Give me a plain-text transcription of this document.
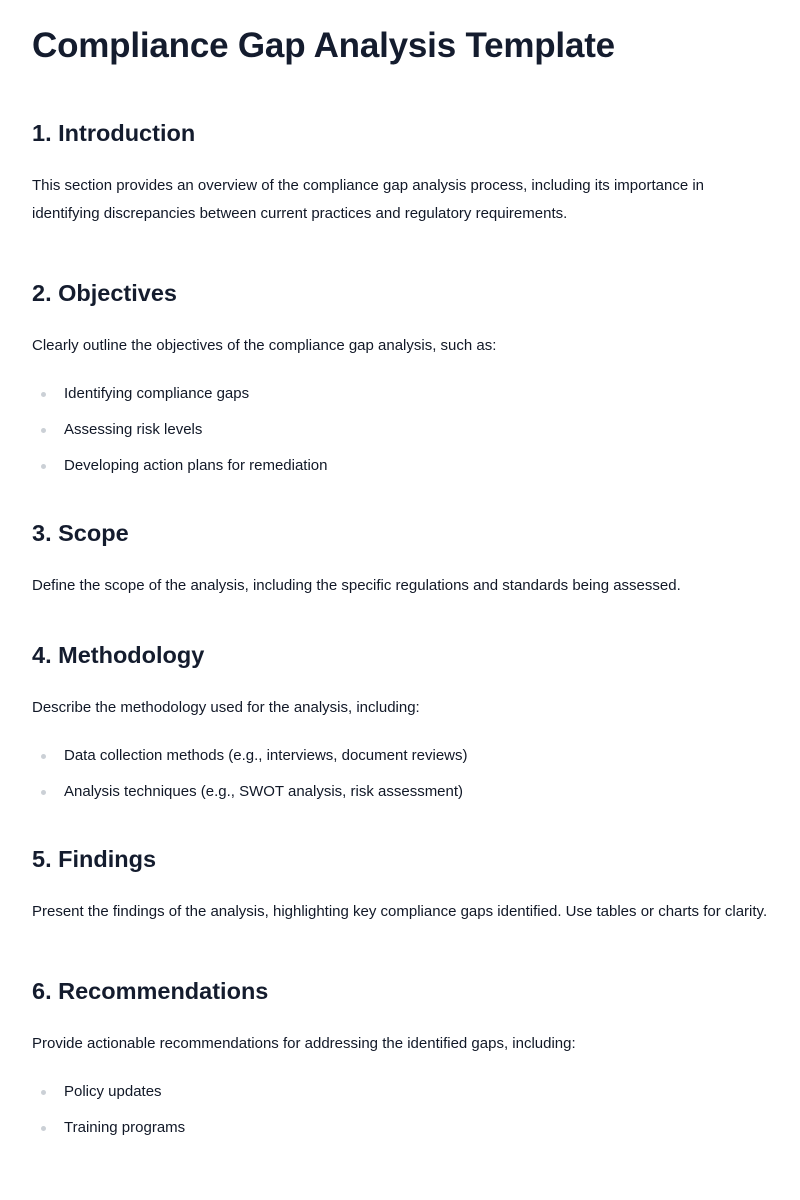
Compliance Gap Analysis Template
1. Introduction

This section provides an overview of the compliance gap analysis process, including its importance in identifying discrepancies between current practices and regulatory requirements.

2. Objectives

Clearly outline the objectives of the compliance gap analysis, such as:

Identifying compliance gaps
Assessing risk levels
Developing action plans for remediation
3. Scope

Define the scope of the analysis, including the specific regulations and standards being assessed.

4. Methodology

Describe the methodology used for the analysis, including:

Data collection methods (e.g., interviews, document reviews)
Analysis techniques (e.g., SWOT analysis, risk assessment)
5. Findings

Present the findings of the analysis, highlighting key compliance gaps identified. Use tables or charts for clarity.

6. Recommendations

Provide actionable recommendations for addressing the identified gaps, including:

Policy updates
Training programs
